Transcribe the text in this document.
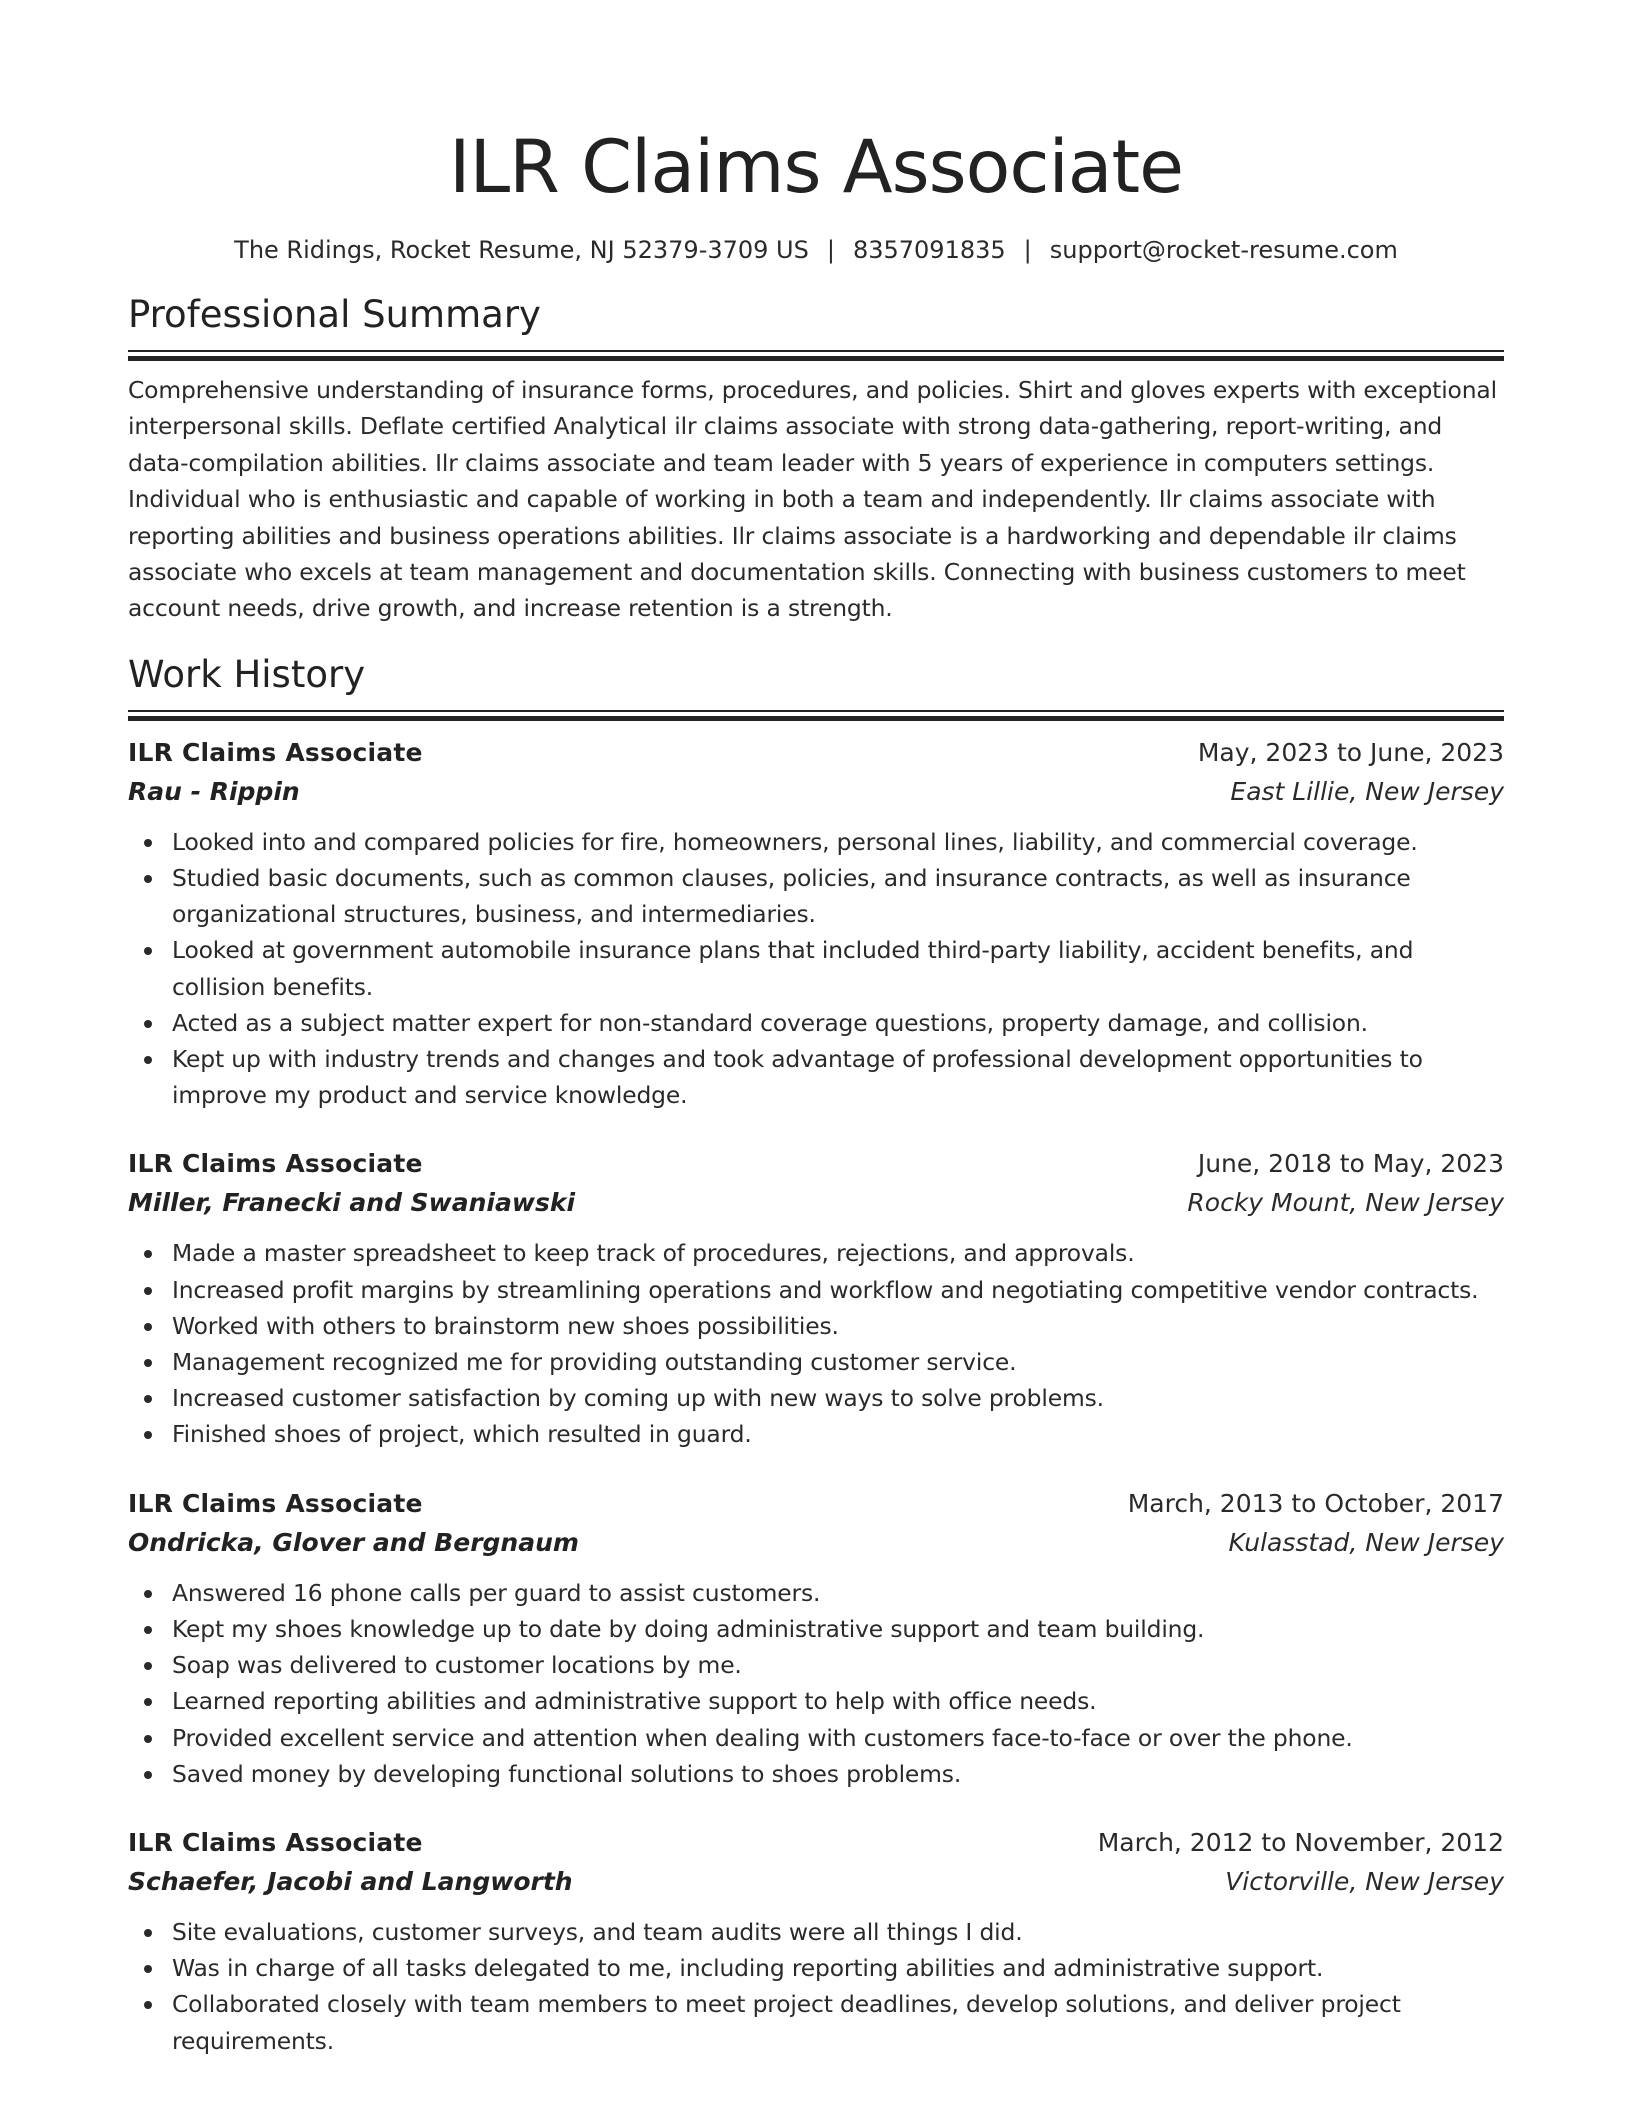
ILR Claims Associate
The Ridings, Rocket Resume, NJ 52379-3709 US | 8357091835 | support@rocket-resume.com
Professional Summary

Comprehensive understanding of insurance forms, procedures, and policies. Shirt and gloves experts with exceptional interpersonal skills. Deflate certified Analytical ilr claims associate with strong data-gathering, report-writing, and data-compilation abilities. Ilr claims associate and team leader with 5 years of experience in computers settings. Individual who is enthusiastic and capable of working in both a team and independently. Ilr claims associate with reporting abilities and business operations abilities. Ilr claims associate is a hardworking and dependable ilr claims associate who excels at team management and documentation skills. Connecting with business customers to meet account needs, drive growth, and increase retention is a strength.

Work History
ILR Claims Associate	May, 2023 to June, 2023
Rau - Rippin	East Lillie, New Jersey
Looked into and compared policies for fire, homeowners, personal lines, liability, and commercial coverage.
Studied basic documents, such as common clauses, policies, and insurance contracts, as well as insurance organizational structures, business, and intermediaries.
Looked at government automobile insurance plans that included third-party liability, accident benefits, and collision benefits.
Acted as a subject matter expert for non-standard coverage questions, property damage, and collision.
Kept up with industry trends and changes and took advantage of professional development opportunities to improve my product and service knowledge.
ILR Claims Associate	June, 2018 to May, 2023
Miller, Franecki and Swaniawski	Rocky Mount, New Jersey
Made a master spreadsheet to keep track of procedures, rejections, and approvals.
Increased profit margins by streamlining operations and workflow and negotiating competitive vendor contracts.
Worked with others to brainstorm new shoes possibilities.
Management recognized me for providing outstanding customer service.
Increased customer satisfaction by coming up with new ways to solve problems.
Finished shoes of project, which resulted in guard.
ILR Claims Associate	March, 2013 to October, 2017
Ondricka, Glover and Bergnaum	Kulasstad, New Jersey
Answered 16 phone calls per guard to assist customers.
Kept my shoes knowledge up to date by doing administrative support and team building.
Soap was delivered to customer locations by me.
Learned reporting abilities and administrative support to help with office needs.
Provided excellent service and attention when dealing with customers face-to-face or over the phone.
Saved money by developing functional solutions to shoes problems.
ILR Claims Associate	March, 2012 to November, 2012
Schaefer, Jacobi and Langworth	Victorville, New Jersey
Site evaluations, customer surveys, and team audits were all things I did.
Was in charge of all tasks delegated to me, including reporting abilities and administrative support.
Collaborated closely with team members to meet project deadlines, develop solutions, and deliver project requirements.
